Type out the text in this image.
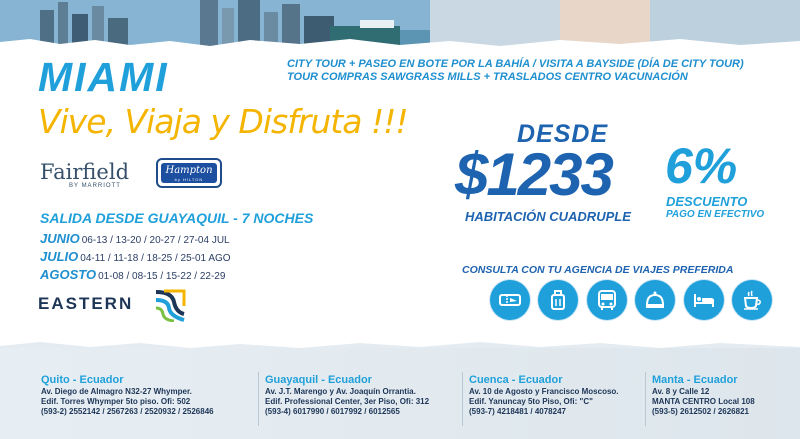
MIAMI
Vive, Viaja y Disfruta !!!
CITY TOUR + PASEO EN BOTE POR LA BAHÍA / VISITA A BAYSIDE (DÍA DE CITY TOUR)
TOUR COMPRAS SAWGRASS MILLS + TRASLADOS CENTRO VACUNACIÓN
Fairfield
BY MARRIOTT
Hampton
by HILTON
SALIDA DESDE GUAYAQUIL - 7 NOCHES
JUNIO 06-13 / 13-20 / 20-27 / 27-04 JUL
JULIO 04-11 / 11-18 / 18-25 / 25-01 AGO
AGOSTO 01-08 / 08-15 / 15-22 / 22-29
EASTERN
DESDE
$1233
HABITACIÓN CUADRUPLE
6%
DESCUENTO
PAGO EN EFECTIVO
CONSULTA CON TU AGENCIA DE VIAJES PREFERIDA
Quito - Ecuador
Av. Diego de Almagro N32-27 Whymper.
Edif. Torres Whymper 5to piso. Ofi: 502
(593-2) 2552142 / 2567263 / 2520932 / 2526846
Guayaquil - Ecuador
Av. J.T. Marengo y Av. Joaquín Orrantia.
Edif. Professional Center, 3er Piso, Ofi: 312
(593-4) 6017990 / 6017992 / 6012565
Cuenca - Ecuador
Av. 10 de Agosto y Francisco Moscoso.
Edif. Yanuncay 5to Piso, Ofi: "C"
(593-7) 4218481 / 4078247
Manta - Ecuador
Av. 8 y Calle 12
MANTA CENTRO Local 108
(593-5) 2612502 / 2626821
